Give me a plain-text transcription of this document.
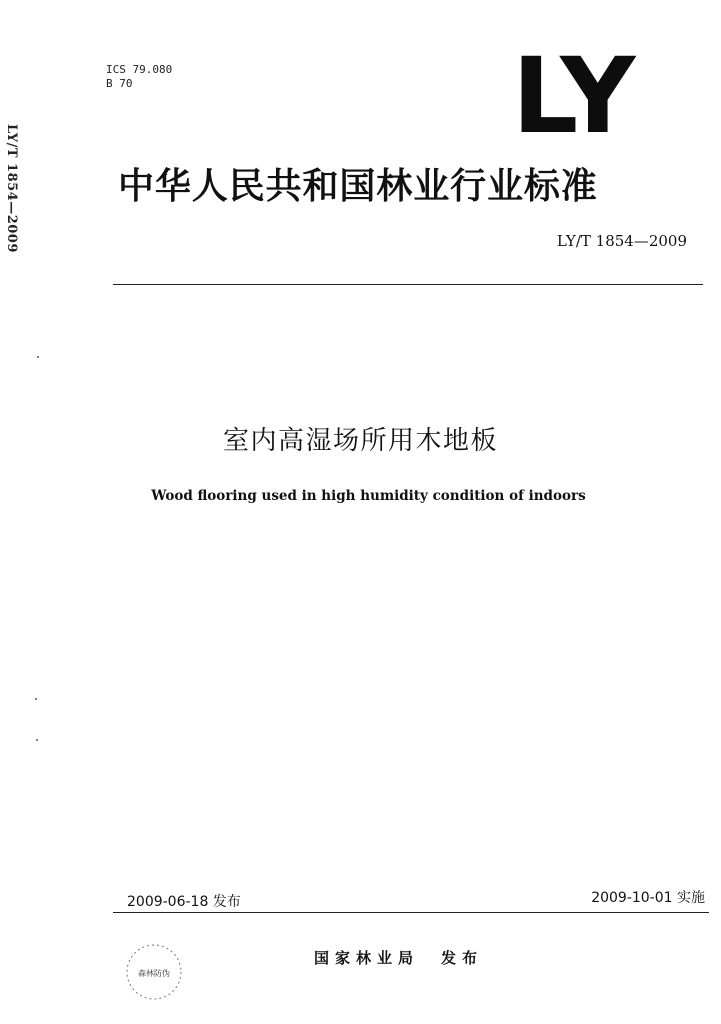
LY/T 1854—2009
ICS 79.080
B 70	LY
中华人民共和国林业行业标准
LY/T 1854—2009
室内高湿场所用木地板
Wood flooring used in high humidity condition of indoors
2009-06-18 发布	2009-10-01 实施
国家林业局 发布
森林防伪
